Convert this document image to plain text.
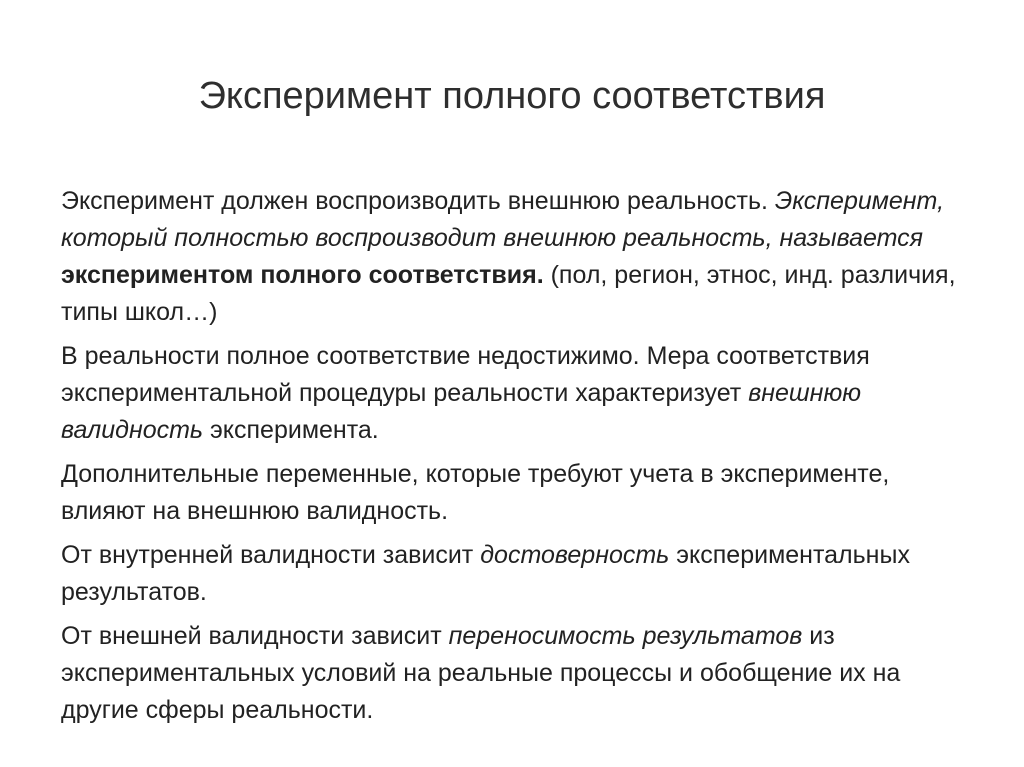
Эксперимент полного соответствия

Эксперимент должен воспроизводить внешнюю реальность. Эксперимент, который полностью воспроизводит внешнюю реальность, называется экспериментом полного соответствия. (пол, регион, этнос, инд. различия, типы школ…)

В реальности полное соответствие недостижимо. Мера соответствия экспериментальной процедуры реальности характеризует внешнюю валидность эксперимента.

Дополнительные переменные, которые требуют учета в эксперименте, влияют на внешнюю валидность.

От внутренней валидности зависит достоверность экспериментальных результатов.

От внешней валидности зависит переносимость результатов из экспериментальных условий на реальные процессы и обобщение их на другие сферы реальности.
